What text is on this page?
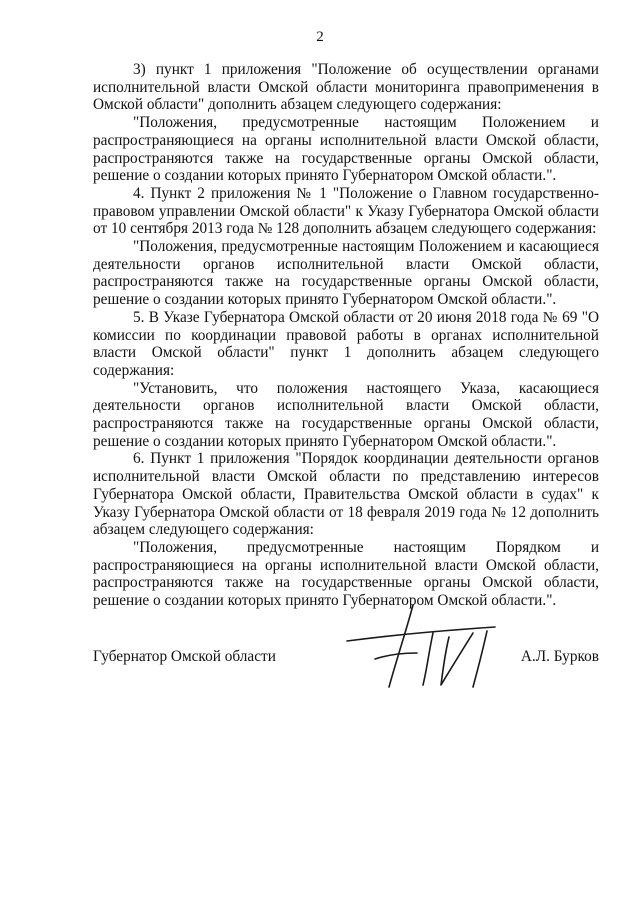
2

3) пункт 1 приложения "Положение об осуществлении органами исполнительной власти Омской области мониторинга правоприменения в Омской области" дополнить абзацем следующего содержания:

"Положения, предусмотренные настоящим Положением и распространяющиеся на органы исполнительной власти Омской области, распространяются также на государственные органы Омской области, решение о создании которых принято Губернатором Омской области.".

4. Пункт 2 приложения № 1 "Положение о Главном государственно-правовом управлении Омской области" к Указу Губернатора Омской области от 10 сентября 2013 года № 128 дополнить абзацем следующего содержания:

"Положения, предусмотренные настоящим Положением и касающиеся деятельности органов исполнительной власти Омской области, распространяются также на государственные органы Омской области, решение о создании которых принято Губернатором Омской области.".

5. В Указе Губернатора Омской области от 20 июня 2018 года № 69 "О комиссии по координации правовой работы в органах исполнительной власти Омской области" пункт 1 дополнить абзацем следующего содержания:

"Установить, что положения настоящего Указа, касающиеся деятельности органов исполнительной власти Омской области, распространяются также на государственные органы Омской области, решение о создании которых принято Губернатором Омской области.".

6. Пункт 1 приложения "Порядок координации деятельности органов исполнительной власти Омской области по представлению интересов Губернатора Омской области, Правительства Омской области в судах" к Указу Губернатора Омской области от 18 февраля 2019 года № 12 дополнить абзацем следующего содержания:

"Положения, предусмотренные настоящим Порядком и распространяющиеся на органы исполнительной власти Омской области, распространяются также на государственные органы Омской области, решение о создании которых принято Губернатором Омской области.".

Губернатор Омской области	А.Л. Бурков
